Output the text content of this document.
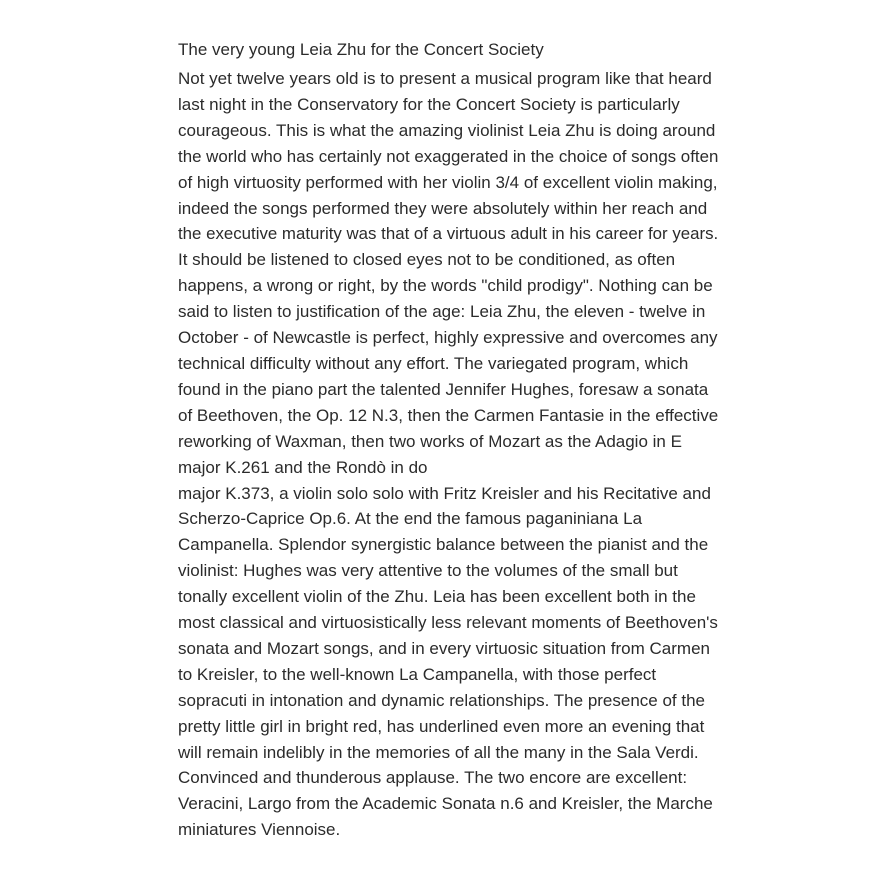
The very young Leia Zhu for the Concert Society

Not yet twelve years old is to present a musical program like that heard
last night in the Conservatory for the Concert Society is particularly
courageous. This is what the amazing violinist Leia Zhu is doing around
the world who has certainly not exaggerated in the choice of songs often
of high virtuosity performed with her violin 3/4 of excellent violin making,
indeed the songs performed they were absolutely within her reach and
the executive maturity was that of a virtuous adult in his career for years.
It should be listened to closed eyes not to be conditioned, as often
happens, a wrong or right, by the words "child prodigy". Nothing can be
said to listen to justification of the age: Leia Zhu, the eleven - twelve in
October - of Newcastle is perfect, highly expressive and overcomes any
technical difficulty without any effort. The variegated program, which
found in the piano part the talented Jennifer Hughes, foresaw a sonata
of Beethoven, the Op. 12 N.3, then the Carmen Fantasie in the effective
reworking of Waxman, then two works of Mozart as the Adagio in E
major K.261 and the Rondò in do
major K.373, a violin solo solo with Fritz Kreisler and his Recitative and
Scherzo-Caprice Op.6. At the end the famous paganiniana La
Campanella. Splendor synergistic balance between the pianist and the
violinist: Hughes was very attentive to the volumes of the small but
tonally excellent violin of the Zhu. Leia has been excellent both in the
most classical and virtuosistically less relevant moments of Beethoven's
sonata and Mozart songs, and in every virtuosic situation from Carmen
to Kreisler, to the well-known La Campanella, with those perfect
sopracuti in intonation and dynamic relationships. The presence of the
pretty little girl in bright red, has underlined even more an evening that
will remain indelibly in the memories of all the many in the Sala Verdi.
Convinced and thunderous applause. The two encore are excellent:
Veracini, Largo from the Academic Sonata n.6 and Kreisler, the Marche
miniatures Viennoise.
